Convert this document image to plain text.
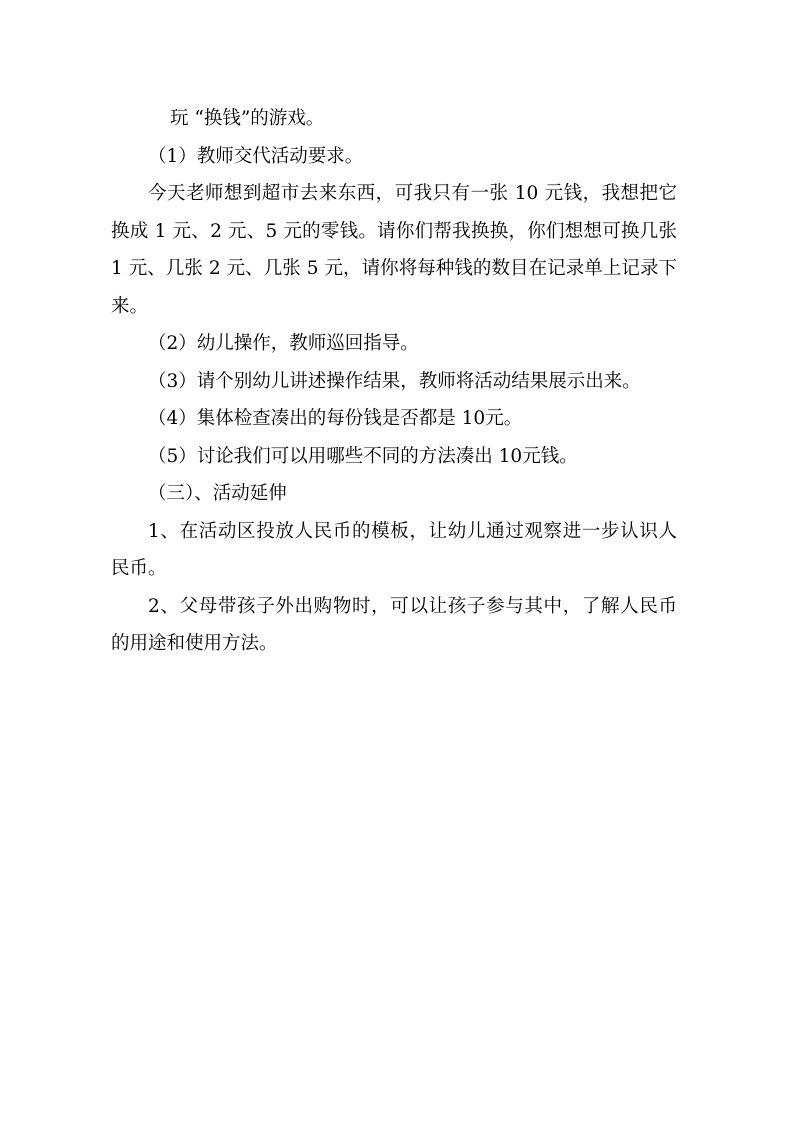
玩 “换钱”的游戏。

（1）教师交代活动要求。

今天老师想到超市去来东西，可我只有一张 10 元钱，我想把它换成 1 元、2 元、5 元的零钱。请你们帮我换换，你们想想可换几张 1 元、几张 2 元、几张 5 元，请你将每种钱的数目在记录单上记录下来。

（2）幼儿操作，教师巡回指导。

（3）请个别幼儿讲述操作结果，教师将活动结果展示出来。

（4）集体检查凑出的每份钱是否都是 10元。

（5）讨论我们可以用哪些不同的方法凑出 10元钱。

（三）、活动延伸

1、在活动区投放人民币的模板，让幼儿通过观察进一步认识人民币。

2、父母带孩子外出购物时，可以让孩子参与其中，了解人民币的用途和使用方法。
